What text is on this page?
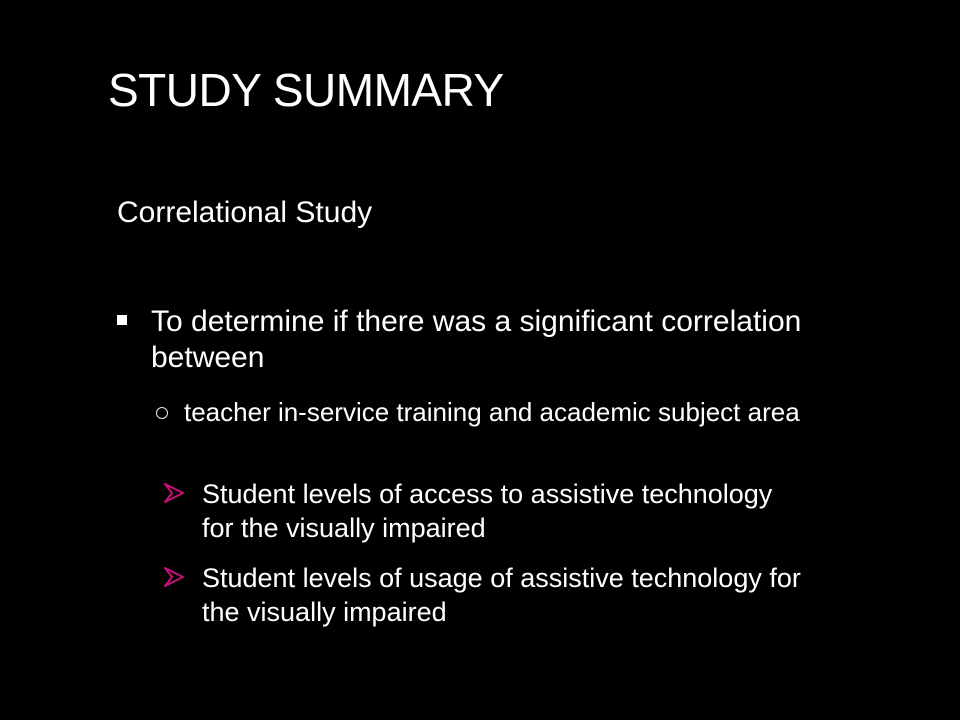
STUDY SUMMARY
Correlational Study
To determine if there was a significant correlation between
teacher in-service training and academic subject area
Student levels of access to assistive technology for the visually impaired
Student levels of usage of assistive technology for the visually impaired
